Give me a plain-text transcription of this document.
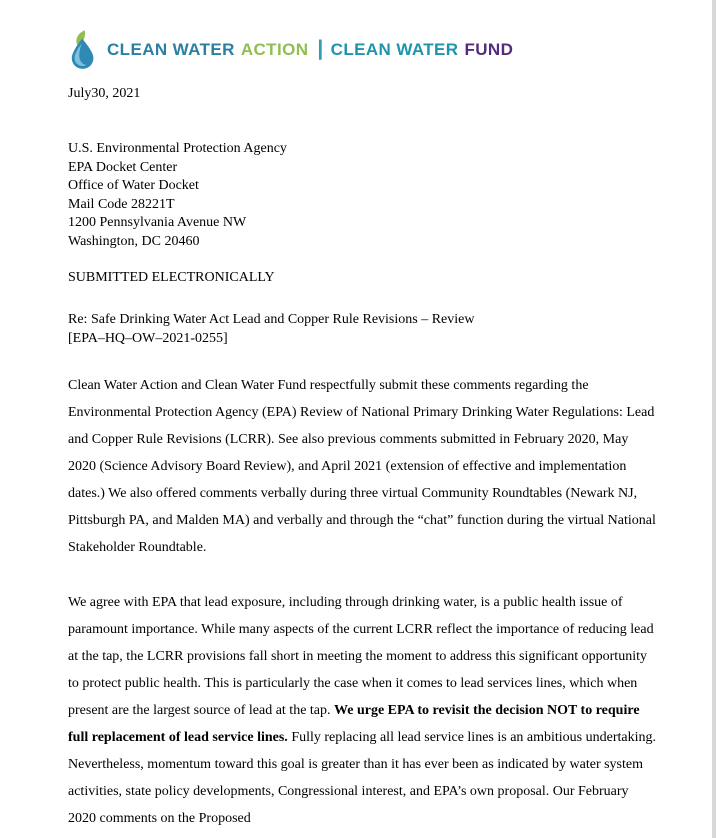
CLEAN WATER ACTION | CLEAN WATER FUND

July30, 2021

U.S. Environmental Protection Agency
EPA Docket Center
Office of Water Docket
Mail Code 28221T
1200 Pennsylvania Avenue NW
Washington, DC 20460

SUBMITTED ELECTRONICALLY

Re: Safe Drinking Water Act Lead and Copper Rule Revisions – Review
[EPA–HQ–OW–2021-0255]

Clean Water Action and Clean Water Fund respectfully submit these comments regarding the Environmental Protection Agency (EPA) Review of National Primary Drinking Water Regulations: Lead and Copper Rule Revisions (LCRR). See also previous comments submitted in February 2020, May 2020 (Science Advisory Board Review), and April 2021 (extension of effective and implementation dates.) We also offered comments verbally during three virtual Community Roundtables (Newark NJ, Pittsburgh PA, and Malden MA) and verbally and through the “chat” function during the virtual National Stakeholder Roundtable.

We agree with EPA that lead exposure, including through drinking water, is a public health issue of paramount importance. While many aspects of the current LCRR reflect the importance of reducing lead at the tap, the LCRR provisions fall short in meeting the moment to address this significant opportunity to protect public health. This is particularly the case when it comes to lead services lines, which when present are the largest source of lead at the tap. We urge EPA to revisit the decision NOT to require full replacement of lead service lines. Fully replacing all lead service lines is an ambitious undertaking. Nevertheless, momentum toward this goal is greater than it has ever been as indicated by water system activities, state policy developments, Congressional interest, and EPA’s own proposal. Our February 2020 comments on the Proposed
